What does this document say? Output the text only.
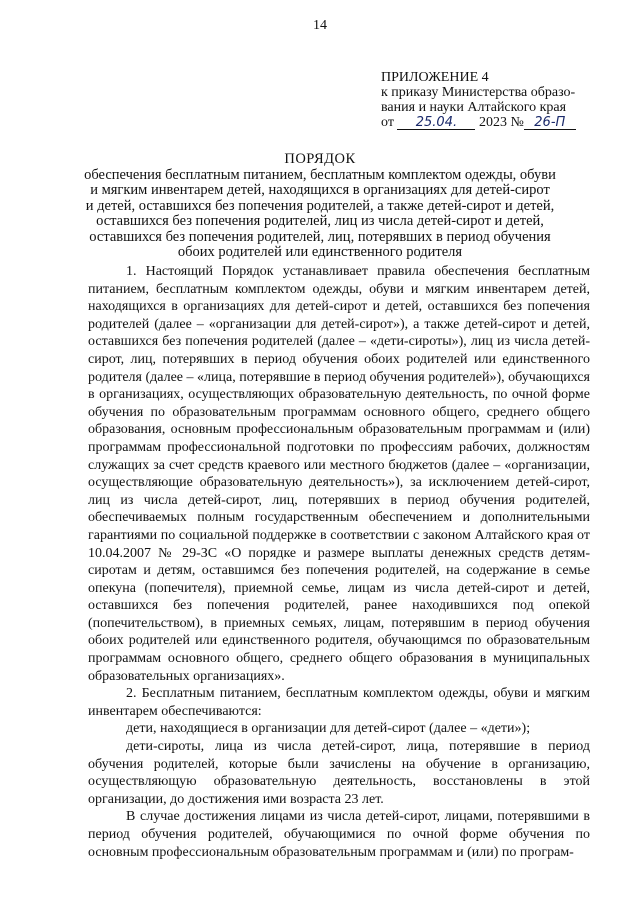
14
ПРИЛОЖЕНИЕ 4
к приказу Министерства образо-
вания и науки Алтайского края
от 25.04. 2023 № 26-П
ПОРЯДОК
обеспечения бесплатным питанием, бесплатным комплектом одежды, обуви
и мягким инвентарем детей, находящихся в организациях для детей-сирот
и детей, оставшихся без попечения родителей, а также детей-сирот и детей,
оставшихся без попечения родителей, лиц из числа детей-сирот и детей,
оставшихся без попечения родителей, лиц, потерявших в период обучения
обоих родителей или единственного родителя

1. Настоящий Порядок устанавливает правила обеспечения бесплатным питанием, бесплатным комплектом одежды, обуви и мягким инвентарем детей, находящихся в организациях для детей-сирот и детей, оставшихся без попечения родителей (далее – «организации для детей-сирот»), а также детей-сирот и детей, оставшихся без попечения родителей (далее – «дети-сироты»), лиц из числа детей-сирот, лиц, потерявших в период обучения обоих родителей или единственного родителя (далее – «лица, потерявшие в период обучения родителей»), обучающихся в организациях, осуществляющих образовательную деятельность, по очной форме обучения по образовательным программам основного общего, среднего общего образования, основным профессиональным образовательным программам и (или) программам профессиональной подготовки по профессиям рабочих, должностям служащих за счет средств краевого или местного бюджетов (далее – «организации, осуществляющие образовательную деятельность»), за исключением детей-сирот, лиц из числа детей-сирот, лиц, потерявших в период обучения родителей, обеспечиваемых полным государственным обеспечением и дополнительными гарантиями по социальной поддержке в соответствии с законом Алтайского края от 10.04.2007 № 29-ЗС «О порядке и размере выплаты денежных средств детям-сиротам и детям, оставшимся без попечения родителей, на содержание в семье опекуна (попечителя), приемной семье, лицам из числа детей-сирот и детей, оставшихся без попечения родителей, ранее находившихся под опекой (попечительством), в приемных семьях, лицам, потерявшим в период обучения обоих родителей или единственного родителя, обучающимся по образовательным программам основного общего, среднего общего образования в муниципальных образовательных организациях».

2. Бесплатным питанием, бесплатным комплектом одежды, обуви и мягким инвентарем обеспечиваются:

дети, находящиеся в организации для детей-сирот (далее – «дети»);

дети-сироты, лица из числа детей-сирот, лица, потерявшие в период обучения родителей, которые были зачислены на обучение в организацию, осуществляющую образовательную деятельность, восстановлены в этой организации, до достижения ими возраста 23 лет.

В случае достижения лицами из числа детей-сирот, лицами, потерявшими в период обучения родителей, обучающимися по очной форме обучения по основным профессиональным образовательным программам и (или) по програм-
